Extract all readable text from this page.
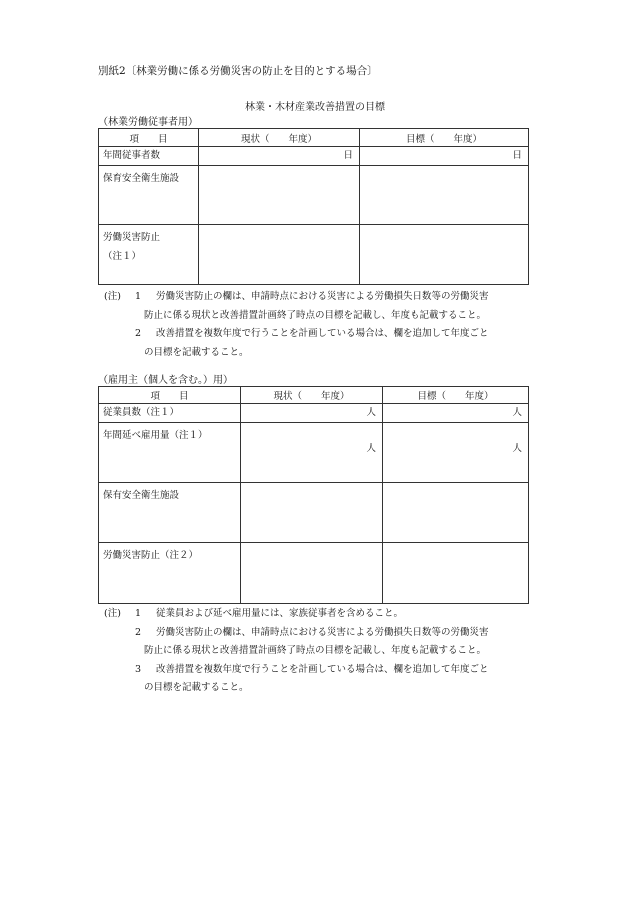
別紙2〔林業労働に係る労働災害の防止を目的とする場合〕
林業・木材産業改善措置の目標
（林業労働従事者用）
項　　目	現状（　　年度）	目標（　　年度）
年間従事者数	日	日

保育安全衛生施設		

労働災害防止
（注１）		

(注) 1 労働災害防止の欄は、申請時点における災害による労働損失日数等の労働災害
防止に係る現状と改善措置計画終了時点の目標を記載し、年度も記載すること。
2 改善措置を複数年度で行うことを計画している場合は、欄を追加して年度ごと
の目標を記載すること。
（雇用主（個人を含む。）用）
項　　目	現状（　　年度）	目標（　　年度）
従業員数（注１）	人	人

年間延べ雇用量（注１）	人	人

保有安全衛生施設		
労働災害防止（注２）		
(注) 1 従業員および延べ雇用量には、家族従事者を含めること。
2 労働災害防止の欄は、申請時点における災害による労働損失日数等の労働災害
防止に係る現状と改善措置計画終了時点の目標を記載し、年度も記載すること。
3 改善措置を複数年度で行うことを計画している場合は、欄を追加して年度ごと
の目標を記載すること。
